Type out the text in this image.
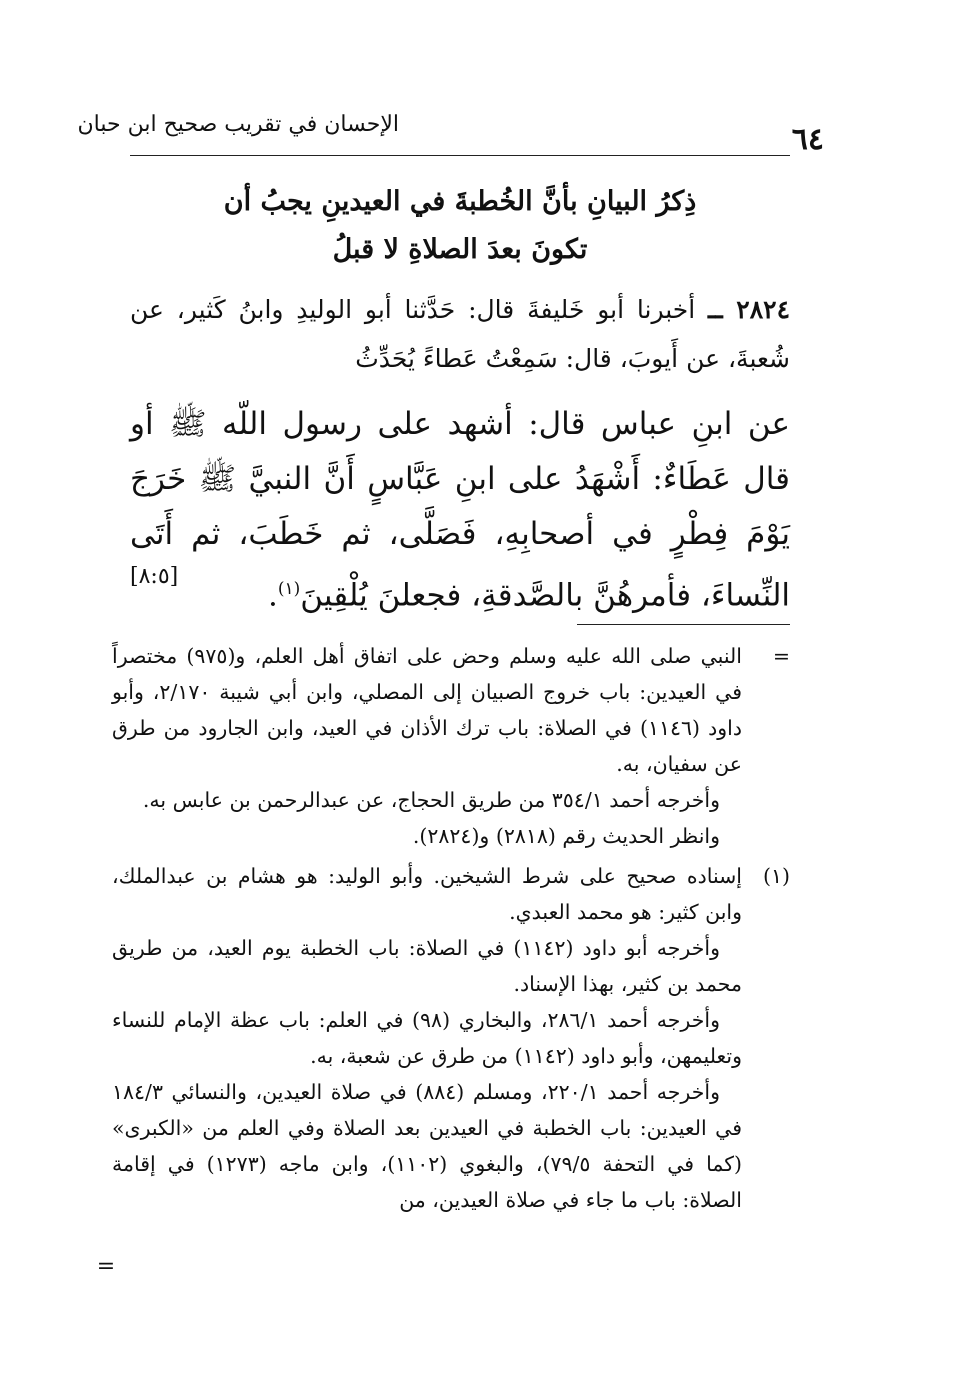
الإحسان في تقريب صحيح ابن حبان	٦٤
ذِكرُ البيانِ بأنَّ الخُطبةَ في العيدينِ يجبُ أن
تكونَ بعدَ الصلاةِ لا قبلُ
٢٨٢٤ ــ أخبرنا أبو خَليفةَ قال: حَدَّثنا أبو الوليدِ وابنُ كَثير، عن شُعبةَ، عن أَيوبَ، قال: سَمِعْتُ عَطاءً يُحَدِّثُ
عن ابنِ عباس قال: أشهد على رسول اللّه ﷺ أو قال عَطَاءٌ: أَشْهَدُ على ابنِ عَبَّاسٍ أَنَّ النبيَّ ﷺ خَرَجَ يَوْمَ فِطْرٍ في أصحابِهِ، فَصَلَّى، ثم خَطَبَ، ثم أَتَى النِّساءَ، فأمرهُنَّ بالصَّدقةِ، فجعلنَ يُلْقِينَ$^{(١)}$.
[٨:٥]
=
النبي صلى الله عليه وسلم وحض على اتفاق أهل العلم، و(٩٧٥) مختصراً في العيدين: باب خروج الصبيان إلى المصلي، وابن أبي شيبة ٢/١٧٠، وأبو داود (١١٤٦) في الصلاة: باب ترك الأذان في العيد، وابن الجارود من طرق عن سفيان، به.
وأخرجه أحمد ٣٥٤/١ من طريق الحجاج، عن عبدالرحمن بن عابس به.
وانظر الحديث رقم (٢٨١٨) و(٢٨٢٤).
(١)
إسناده صحيح على شرط الشيخين. وأبو الوليد: هو هشام بن عبدالملك، وابن كثير: هو محمد العبدي.
وأخرجه أبو داود (١١٤٢) في الصلاة: باب الخطبة يوم العيد، من طريق محمد بن كثير، بهذا الإسناد.
وأخرجه أحمد ٢٨٦/١، والبخاري (٩٨) في العلم: باب عظة الإمام للنساء وتعليمهن، وأبو داود (١١٤٢) من طرق عن شعبة، به.
وأخرجه أحمد ٢٢٠/١، ومسلم (٨٨٤) في صلاة العيدين، والنسائي ١٨٤/٣ في العيدين: باب الخطبة في العيدين بعد الصلاة وفي العلم من «الكبرى» (كما في التحفة ٧٩/٥)، والبغوي (١١٠٢)، وابن ماجه (١٢٧٣) في إقامة الصلاة: باب ما جاء في صلاة العيدين، من
=
